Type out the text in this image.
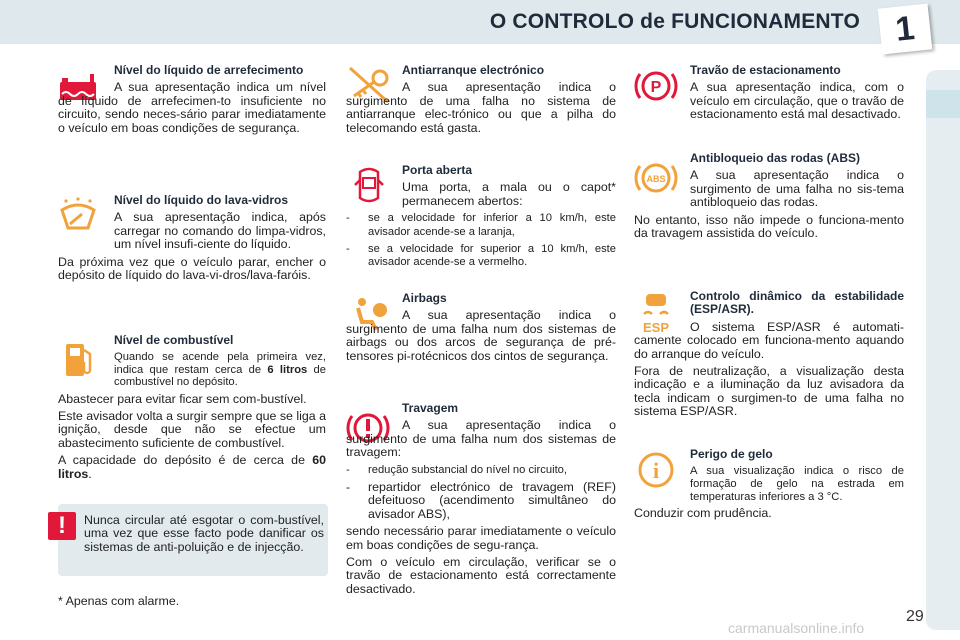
O CONTROLO de FUNCIONAMENTO 1

Nível do líquido de arrefecimento

A sua apresentação indica um nível de líquido de arrefecimen-to insuficiente no circuito, sendo neces-sário parar imediatamente o veículo em boas condições de segurança.

Nível do líquido do lava-vidros

A sua apresentação indica, após carregar no comando do limpa-vidros, um nível insufi-ciente do líquido.

Da próxima vez que o veículo parar, encher o depósito de líquido do lava-vi-dros/lava-faróis.

Nível de combustível

Quando se acende pela primeira vez, indica que restam cerca de 6 litros de combustível no depósito.

Abastecer para evitar ficar sem com-bustível.

Este avisador volta a surgir sempre que se liga a ignição, desde que não se efectue um abastecimento suficiente de combustível.

A capacidade do depósito é de cerca de 60 litros.

!	Nunca circular até esgotar o com-bustível, uma vez que esse facto pode danificar os sistemas de anti-poluição e de injecção.
* Apenas com alarme.

Antiarranque electrónico

A sua apresentação indica o surgimento de uma falha no sistema de antiarranque elec-trónico ou que a pilha do telecomando está gasta.

Porta aberta

Uma porta, a mala ou o capot* permanecem abertos:

-	se a velocidade for inferior a 10 km/h, este avisador acende-se a laranja,
-	se a velocidade for superior a 10 km/h, este avisador acende-se a vermelho.

Airbags

A sua apresentação indica o surgimento de uma falha num dos sistemas de airbags ou dos arcos de segurança de pré-tensores pi-rotécnicos dos cintos de segurança.

Travagem

A sua apresentação indica o surgimento de uma falha num dos sistemas de travagem:

-	redução substancial do nível no circuito,
-	repartidor electrónico de travagem (REF) defeituoso (acendimento simultâneo do avisador ABS),

sendo necessário parar imediatamente o veículo em boas condições de segu-rança.

Com o veículo em circulação, verificar se o travão de estacionamento está correctamente desactivado.

P

Travão de estacionamento

A sua apresentação indica, com o veículo em circulação, que o travão de estacionamento está mal desactivado.

ABS

Antibloqueio das rodas (ABS)

A sua apresentação indica o surgimento de uma falha no sis-tema antibloqueio das rodas.

No entanto, isso não impede o funciona-mento da travagem assistida do veículo.

ESP

Controlo dinâmico da estabilidade (ESP/ASR).

O sistema ESP/ASR é automati-camente colocado em funciona-mento aquando do arranque do veículo.

Fora de neutralização, a visualização desta indicação e a iluminação da luz avisadora da tecla indicam o surgimen-to de uma falha no sistema ESP/ASR.

i

Perigo de gelo

A sua visualização indica o risco de formação de gelo na estrada em temperaturas inferiores a 3 °C.

Conduzir com prudência.

29
carmanualsonline.info
